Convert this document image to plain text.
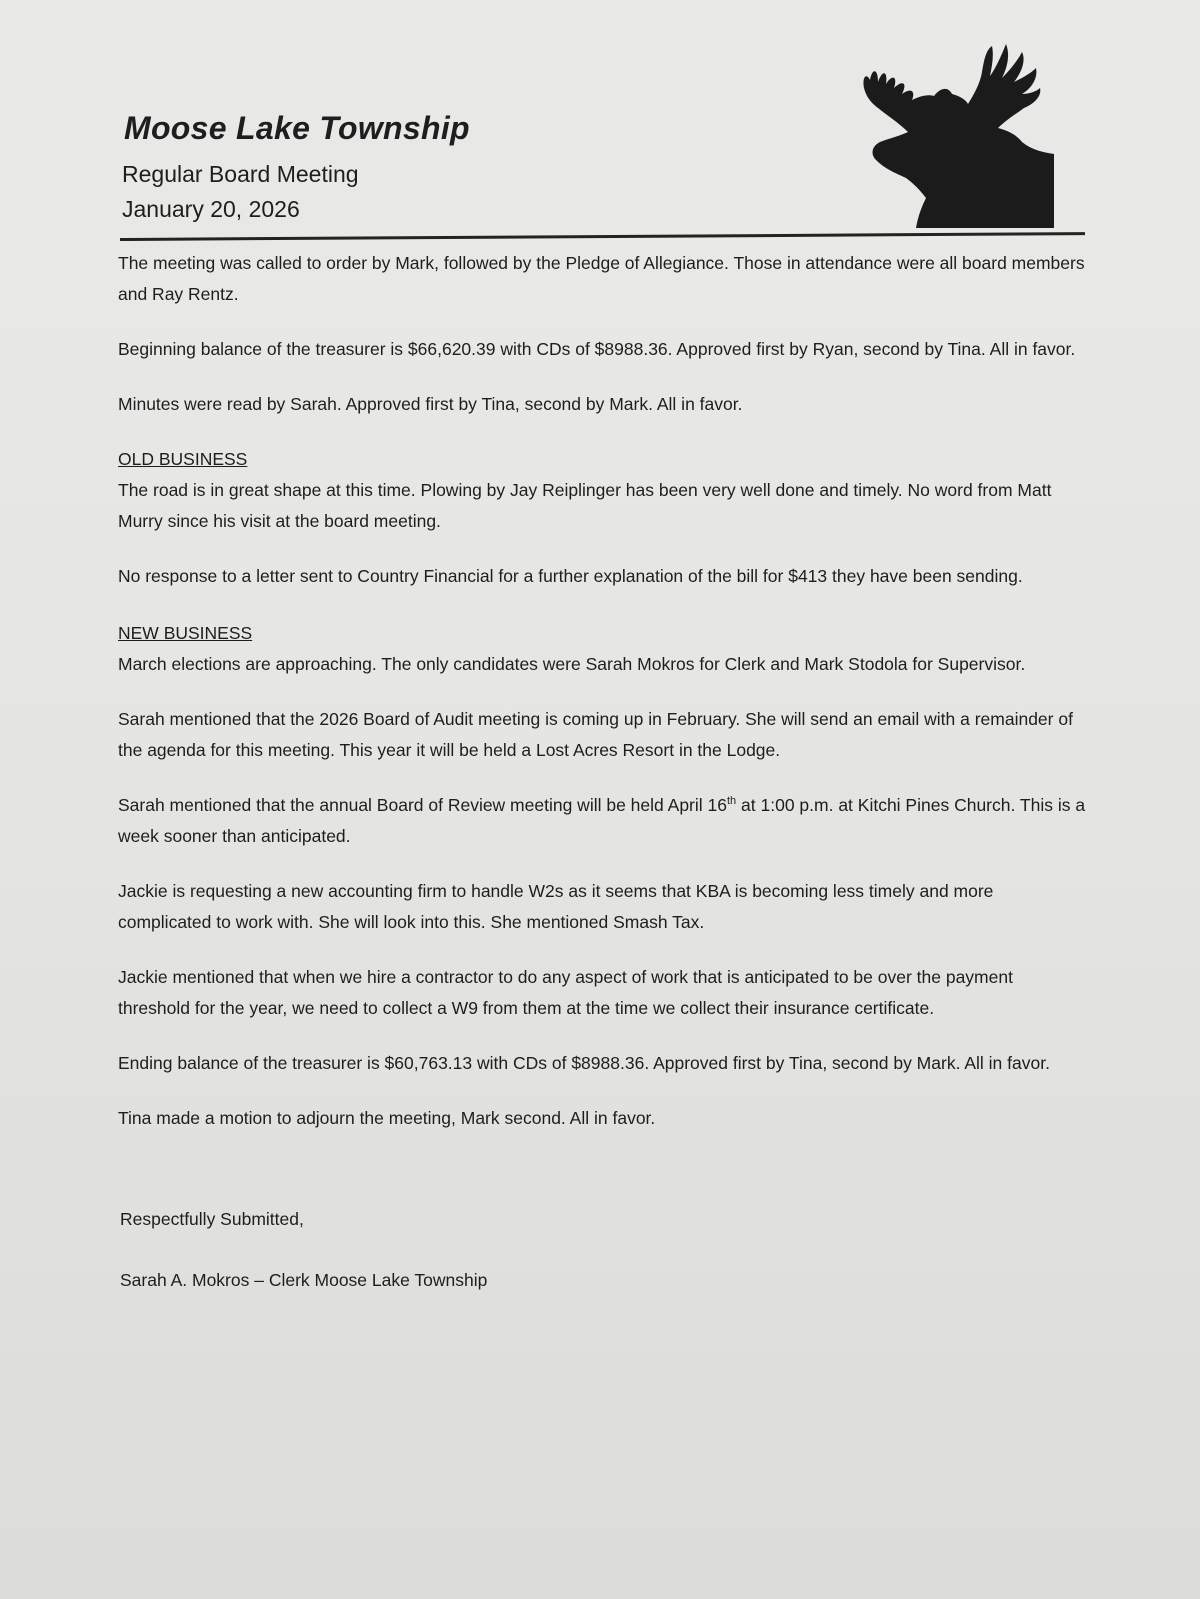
Moose Lake Township
Regular Board Meeting
January 20, 2026

The meeting was called to order by Mark, followed by the Pledge of Allegiance. Those in attendance were all board members and Ray Rentz.

Beginning balance of the treasurer is $66,620.39 with CDs of $8988.36. Approved first by Ryan, second by Tina. All in favor.

Minutes were read by Sarah. Approved first by Tina, second by Mark. All in favor.

OLD BUSINESS

The road is in great shape at this time. Plowing by Jay Reiplinger has been very well done and timely. No word from Matt Murry since his visit at the board meeting.

No response to a letter sent to Country Financial for a further explanation of the bill for $413 they have been sending.

NEW BUSINESS

March elections are approaching. The only candidates were Sarah Mokros for Clerk and Mark Stodola for Supervisor.

Sarah mentioned that the 2026 Board of Audit meeting is coming up in February. She will send an email with a remainder of the agenda for this meeting. This year it will be held a Lost Acres Resort in the Lodge.

Sarah mentioned that the annual Board of Review meeting will be held April 16th at 1:00 p.m. at Kitchi Pines Church. This is a week sooner than anticipated.

Jackie is requesting a new accounting firm to handle W2s as it seems that KBA is becoming less timely and more complicated to work with. She will look into this. She mentioned Smash Tax.

Jackie mentioned that when we hire a contractor to do any aspect of work that is anticipated to be over the payment threshold for the year, we need to collect a W9 from them at the time we collect their insurance certificate.

Ending balance of the treasurer is $60,763.13 with CDs of $8988.36. Approved first by Tina, second by Mark. All in favor.

Tina made a motion to adjourn the meeting, Mark second. All in favor.

Respectfully Submitted,

Sarah A. Mokros – Clerk Moose Lake Township
